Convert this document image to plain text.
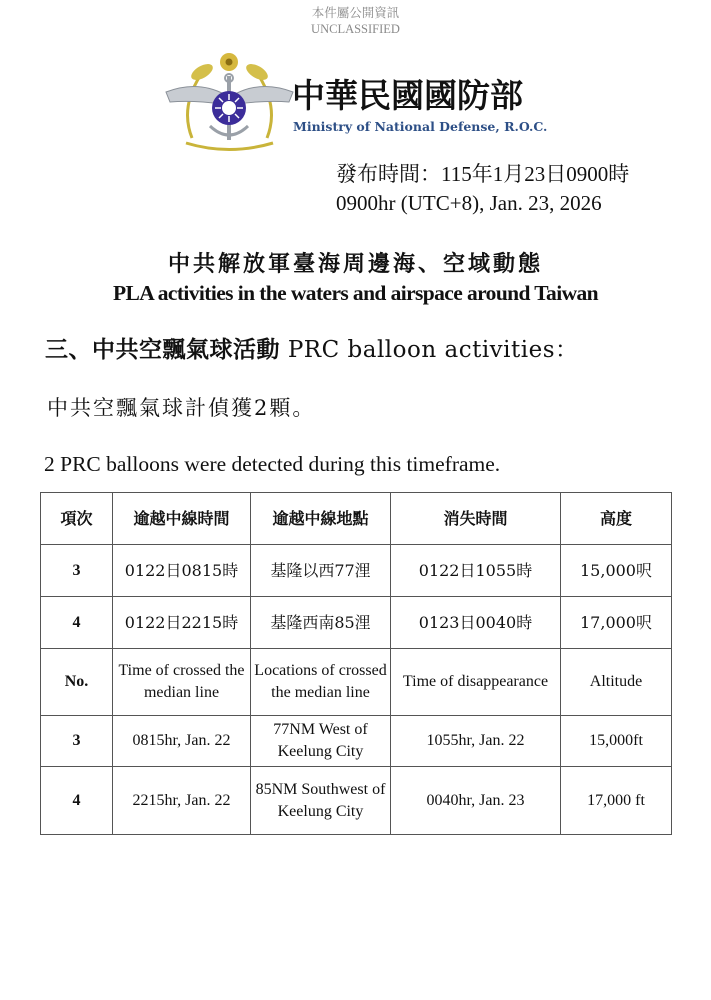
本件屬公開資訊
UNCLASSIFIED
中華民國國防部
Ministry of National Defense, R.O.C.
發布時間：115年1月23日0900時
0900hr (UTC+8), Jan. 23, 2026
中共解放軍臺海周邊海、空域動態
PLA activities in the waters and airspace around Taiwan
三、中共空飄氣球活動 PRC balloon activities：
中共空飄氣球計偵獲2顆。
2 PRC balloons were detected during this timeframe.
項次	逾越中線時間	逾越中線地點	消失時間	高度
3	0122日0815時	基隆以西77浬	0122日1055時	15,000呎
4	0122日2215時	基隆西南85浬	0123日0040時	17,000呎
No.	Time of crossed the median line	Locations of crossed the median line	Time of disappearance	Altitude
3	0815hr, Jan. 22	77NM West of Keelung City	1055hr, Jan. 22	15,000ft
4	2215hr, Jan. 22	85NM Southwest of Keelung City	0040hr, Jan. 23	17,000 ft
